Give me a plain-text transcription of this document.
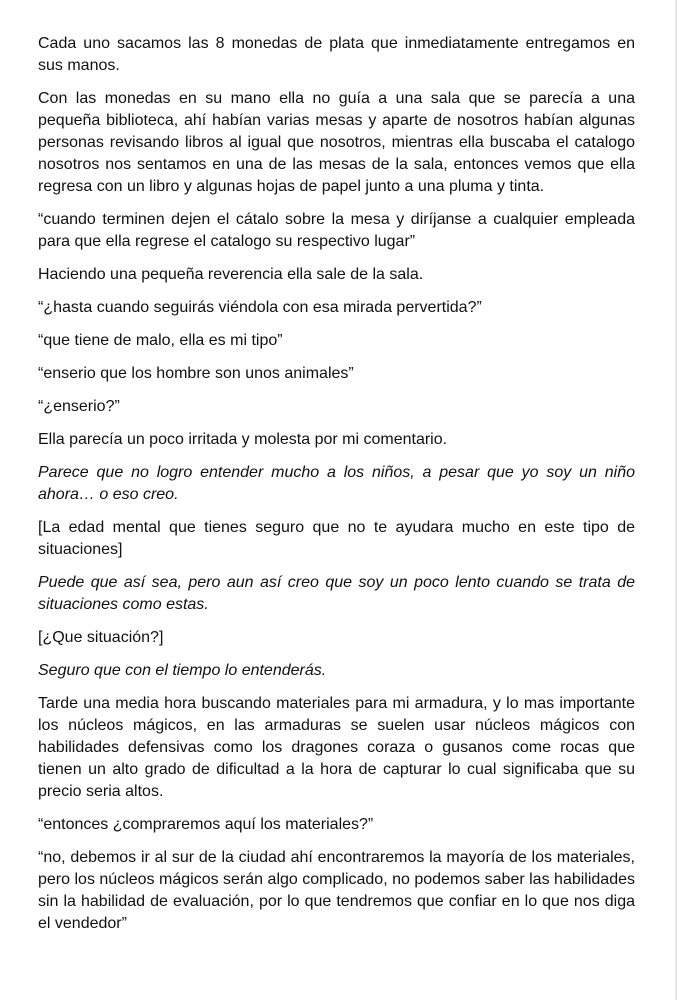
Cada uno sacamos las 8 monedas de plata que inmediatamente entregamos en sus manos.

Con las monedas en su mano ella no guía a una sala que se parecía a una pequeña biblioteca, ahí habían varias mesas y aparte de nosotros habían algunas personas revisando libros al igual que nosotros, mientras ella buscaba el catalogo nosotros nos sentamos en una de las mesas de la sala, entonces vemos que ella regresa con un libro y algunas hojas de papel junto a una pluma y tinta.

“cuando terminen dejen el cátalo sobre la mesa y diríjanse a cualquier empleada para que ella regrese el catalogo su respectivo lugar”

Haciendo una pequeña reverencia ella sale de la sala.

“¿hasta cuando seguirás viéndola con esa mirada pervertida?”

“que tiene de malo, ella es mi tipo”

“enserio que los hombre son unos animales”

“¿enserio?”

Ella parecía un poco irritada y molesta por mi comentario.

Parece que no logro entender mucho a los niños, a pesar que yo soy un niño ahora… o eso creo.

[La edad mental que tienes seguro que no te ayudara mucho en este tipo de situaciones]

Puede que así sea, pero aun así creo que soy un poco lento cuando se trata de situaciones como estas.

[¿Que situación?]

Seguro que con el tiempo lo entenderás.

Tarde una media hora buscando materiales para mi armadura, y lo mas importante los núcleos mágicos, en las armaduras se suelen usar núcleos mágicos con habilidades defensivas como los dragones coraza o gusanos come rocas que tienen un alto grado de dificultad a la hora de capturar lo cual significaba que su precio seria altos.

“entonces ¿compraremos aquí los materiales?”

“no, debemos ir al sur de la ciudad ahí encontraremos la mayoría de los materiales, pero los núcleos mágicos serán algo complicado, no podemos saber las habilidades sin la habilidad de evaluación, por lo que tendremos que confiar en lo que nos diga el vendedor”
